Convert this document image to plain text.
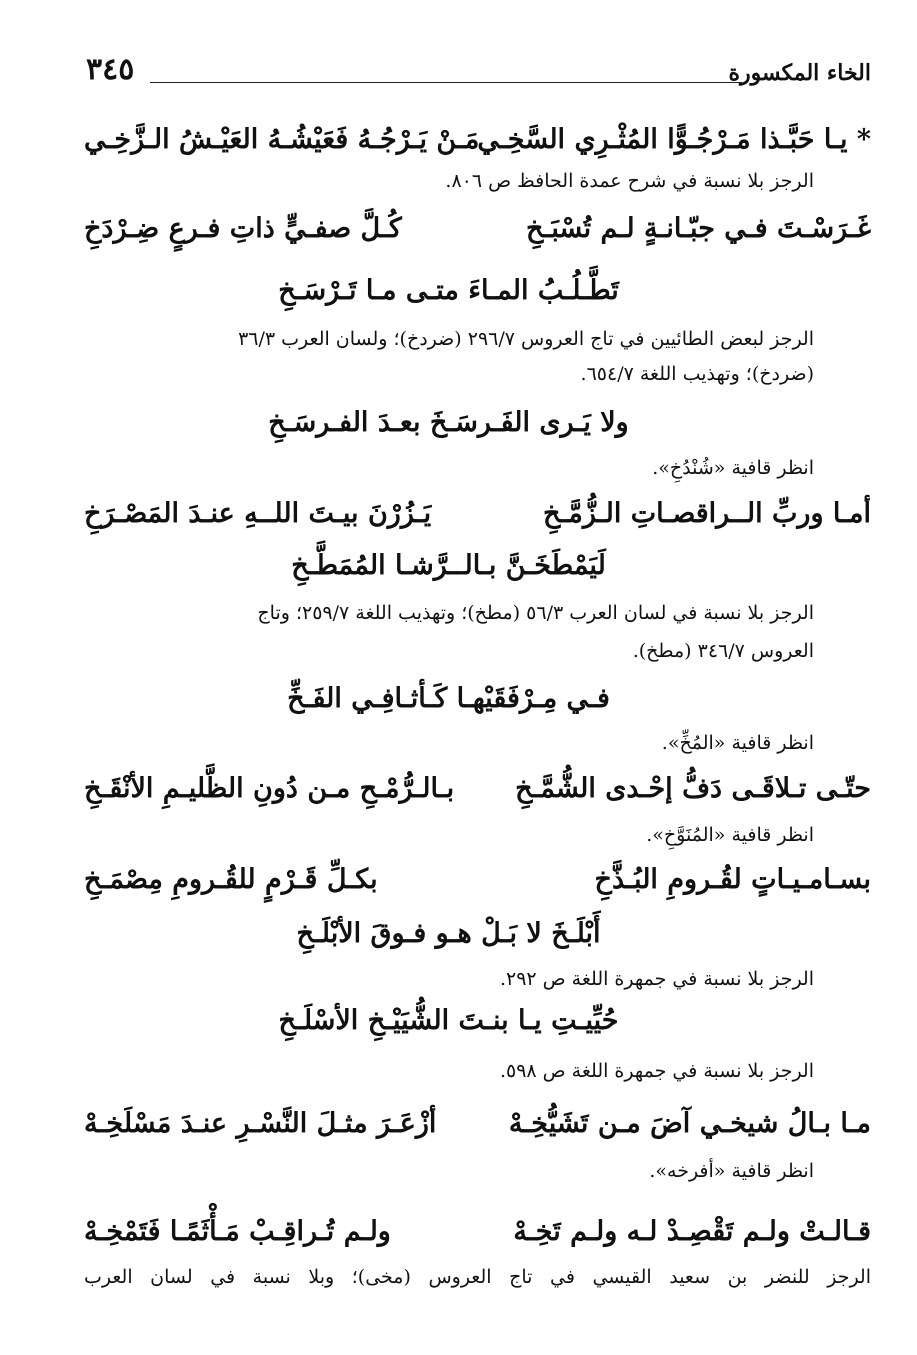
الخاء المكسورة
٣٤٥
* يـا حَبَّـذا مَـرْجُـوًّا المُثْـرِي السَّخِـي
مَـنْ يَـرْجُـهُ فَعَيْشُـهُ العَيْـشُ الـزَّخِـي
الرجز بلا نسبة في شرح عمدة الحافظ ص ٨٠٦.
غَـرَسْـتَ فـي جبّـانـةٍ لـم تُسْبَـخِ
كُـلَّ صفـيٍّ ذاتِ فـرعٍ ضِـرْدَخِ
تَطَّـلُـبُ المـاءَ متـى مـا تَـرْسَـخِ
الرجز لبعض الطائيين في تاج العروس ٢٩٦/٧ (ضردخ)؛ ولسان العرب ٣٦/٣
(ضردخ)؛ وتهذيب اللغة ٦٥٤/٧.
ولا يَـرى الفَـرسَـخَ بعـدَ الفـرسَـخِ
انظر قافية «شُنْدُخِ».
أمـا وربِّ الــراقصـاتِ الـزُّمَّـخِ
يَـزُرْنَ بيـتَ اللــهِ عنـدَ المَصْـرَخِ
لَيَمْطَخَـنَّ بـالــرَّشـا المُمَطَّـخِ
الرجز بلا نسبة في لسان العرب ٥٦/٣ (مطخ)؛ وتهذيب اللغة ٢٥٩/٧؛ وتاج
العروس ٣٤٦/٧ (مطخ).
فـي مِـرْفَقَيْهـا كَـأثـافِـي الفَـخِّ
انظر قافية «المُخِّ».
حتّـى تـلاقَـى دَفُّ إحْـدى الشُّمَّـخِ
بـالـرُّمْـحِ مـن دُونِ الظَّليـمِ الأنْقَـخِ
انظر قافية «المُنَوَّخِ».
بسـامـيـاتٍ لقُـرومِ البُـذَّخِ
بكـلِّ قَـرْمٍ للقُـرومِ مِصْمَـخِ
أَبْلَـخَ لا بَـلْ هـو فـوقَ الأبْلَـخِ
الرجز بلا نسبة في جمهرة اللغة ص ٢٩٢.
حُيِّيـتِ يـا بنـتَ الشُّيَيْـخِ الأسْلَـخِ
الرجز بلا نسبة في جمهرة اللغة ص ٥٩٨.
مـا بـالُ شيخـي آضَ مـن تَشَيُّخِـهْ
أزْعَـرَ مثـلَ النَّسْـرِ عنـدَ مَسْلَخِـهْ
انظر قافية «أفرخه».
قـالـتْ ولـم تَقْصِـدْ لـه ولـم تَخِـهْ
ولـم تُـراقِـبْ مَـأْثَمًـا فَتَمْخِـهْ
الرجز للنضر بن سعيد القيسي في تاج العروس (مخى)؛ وبلا نسبة في لسان العرب
